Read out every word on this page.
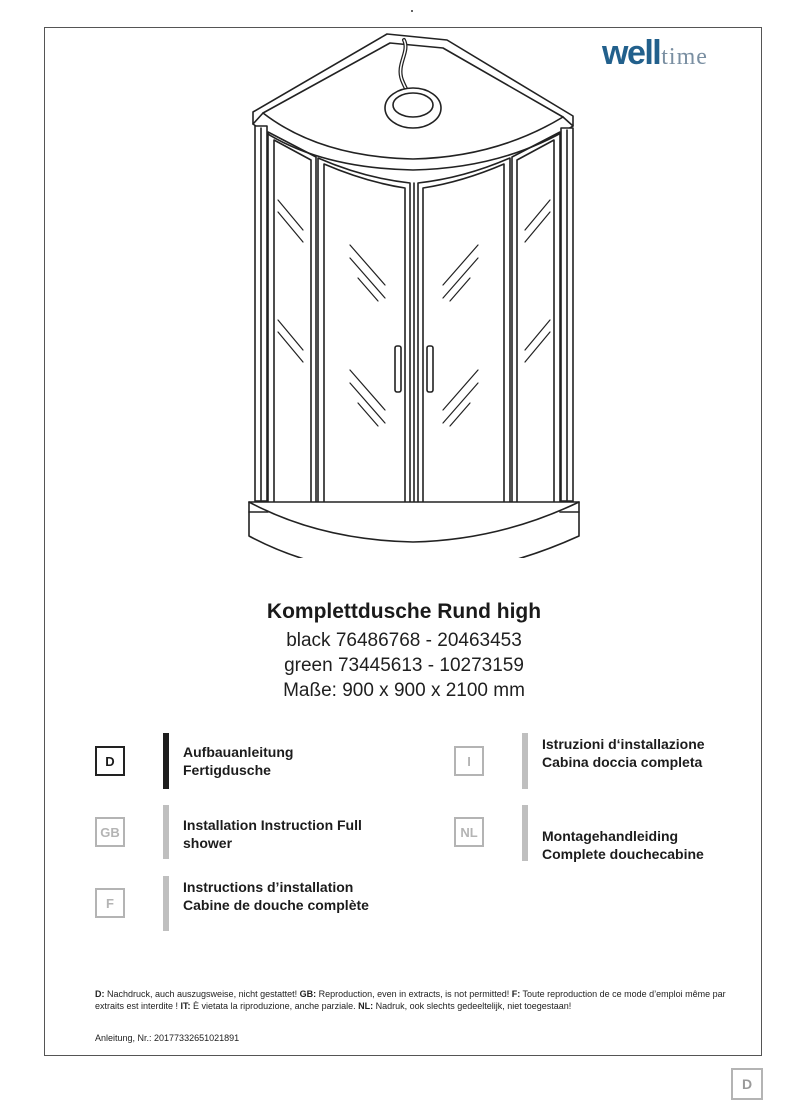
welltime
Komplettdusche Rund high
black 76486768 - 20463453
green 73445613 - 10273159
Maße: 900 x 900 x 2100 mm
D
Aufbauanleitung
Fertigdusche
GB	Installation Instruction Full
shower
F
Instructions d’installation
Cabine de douche complète
I
Istruzioni d‘installazione
Cabina doccia completa
NL	Montagehandleiding
Complete douchecabine
D: Nachdruck, auch auszugsweise, nicht gestattet! GB: Reproduction, even in extracts, is not permitted! F: Toute reproduction de ce mode d’emploi même par extraits est interdite ! IT: È vietata la riproduzione, anche parziale. NL: Nadruk, ook slechts gedeeltelijk, niet toegestaan!
Anleitung, Nr.: 20177332651021891
D
